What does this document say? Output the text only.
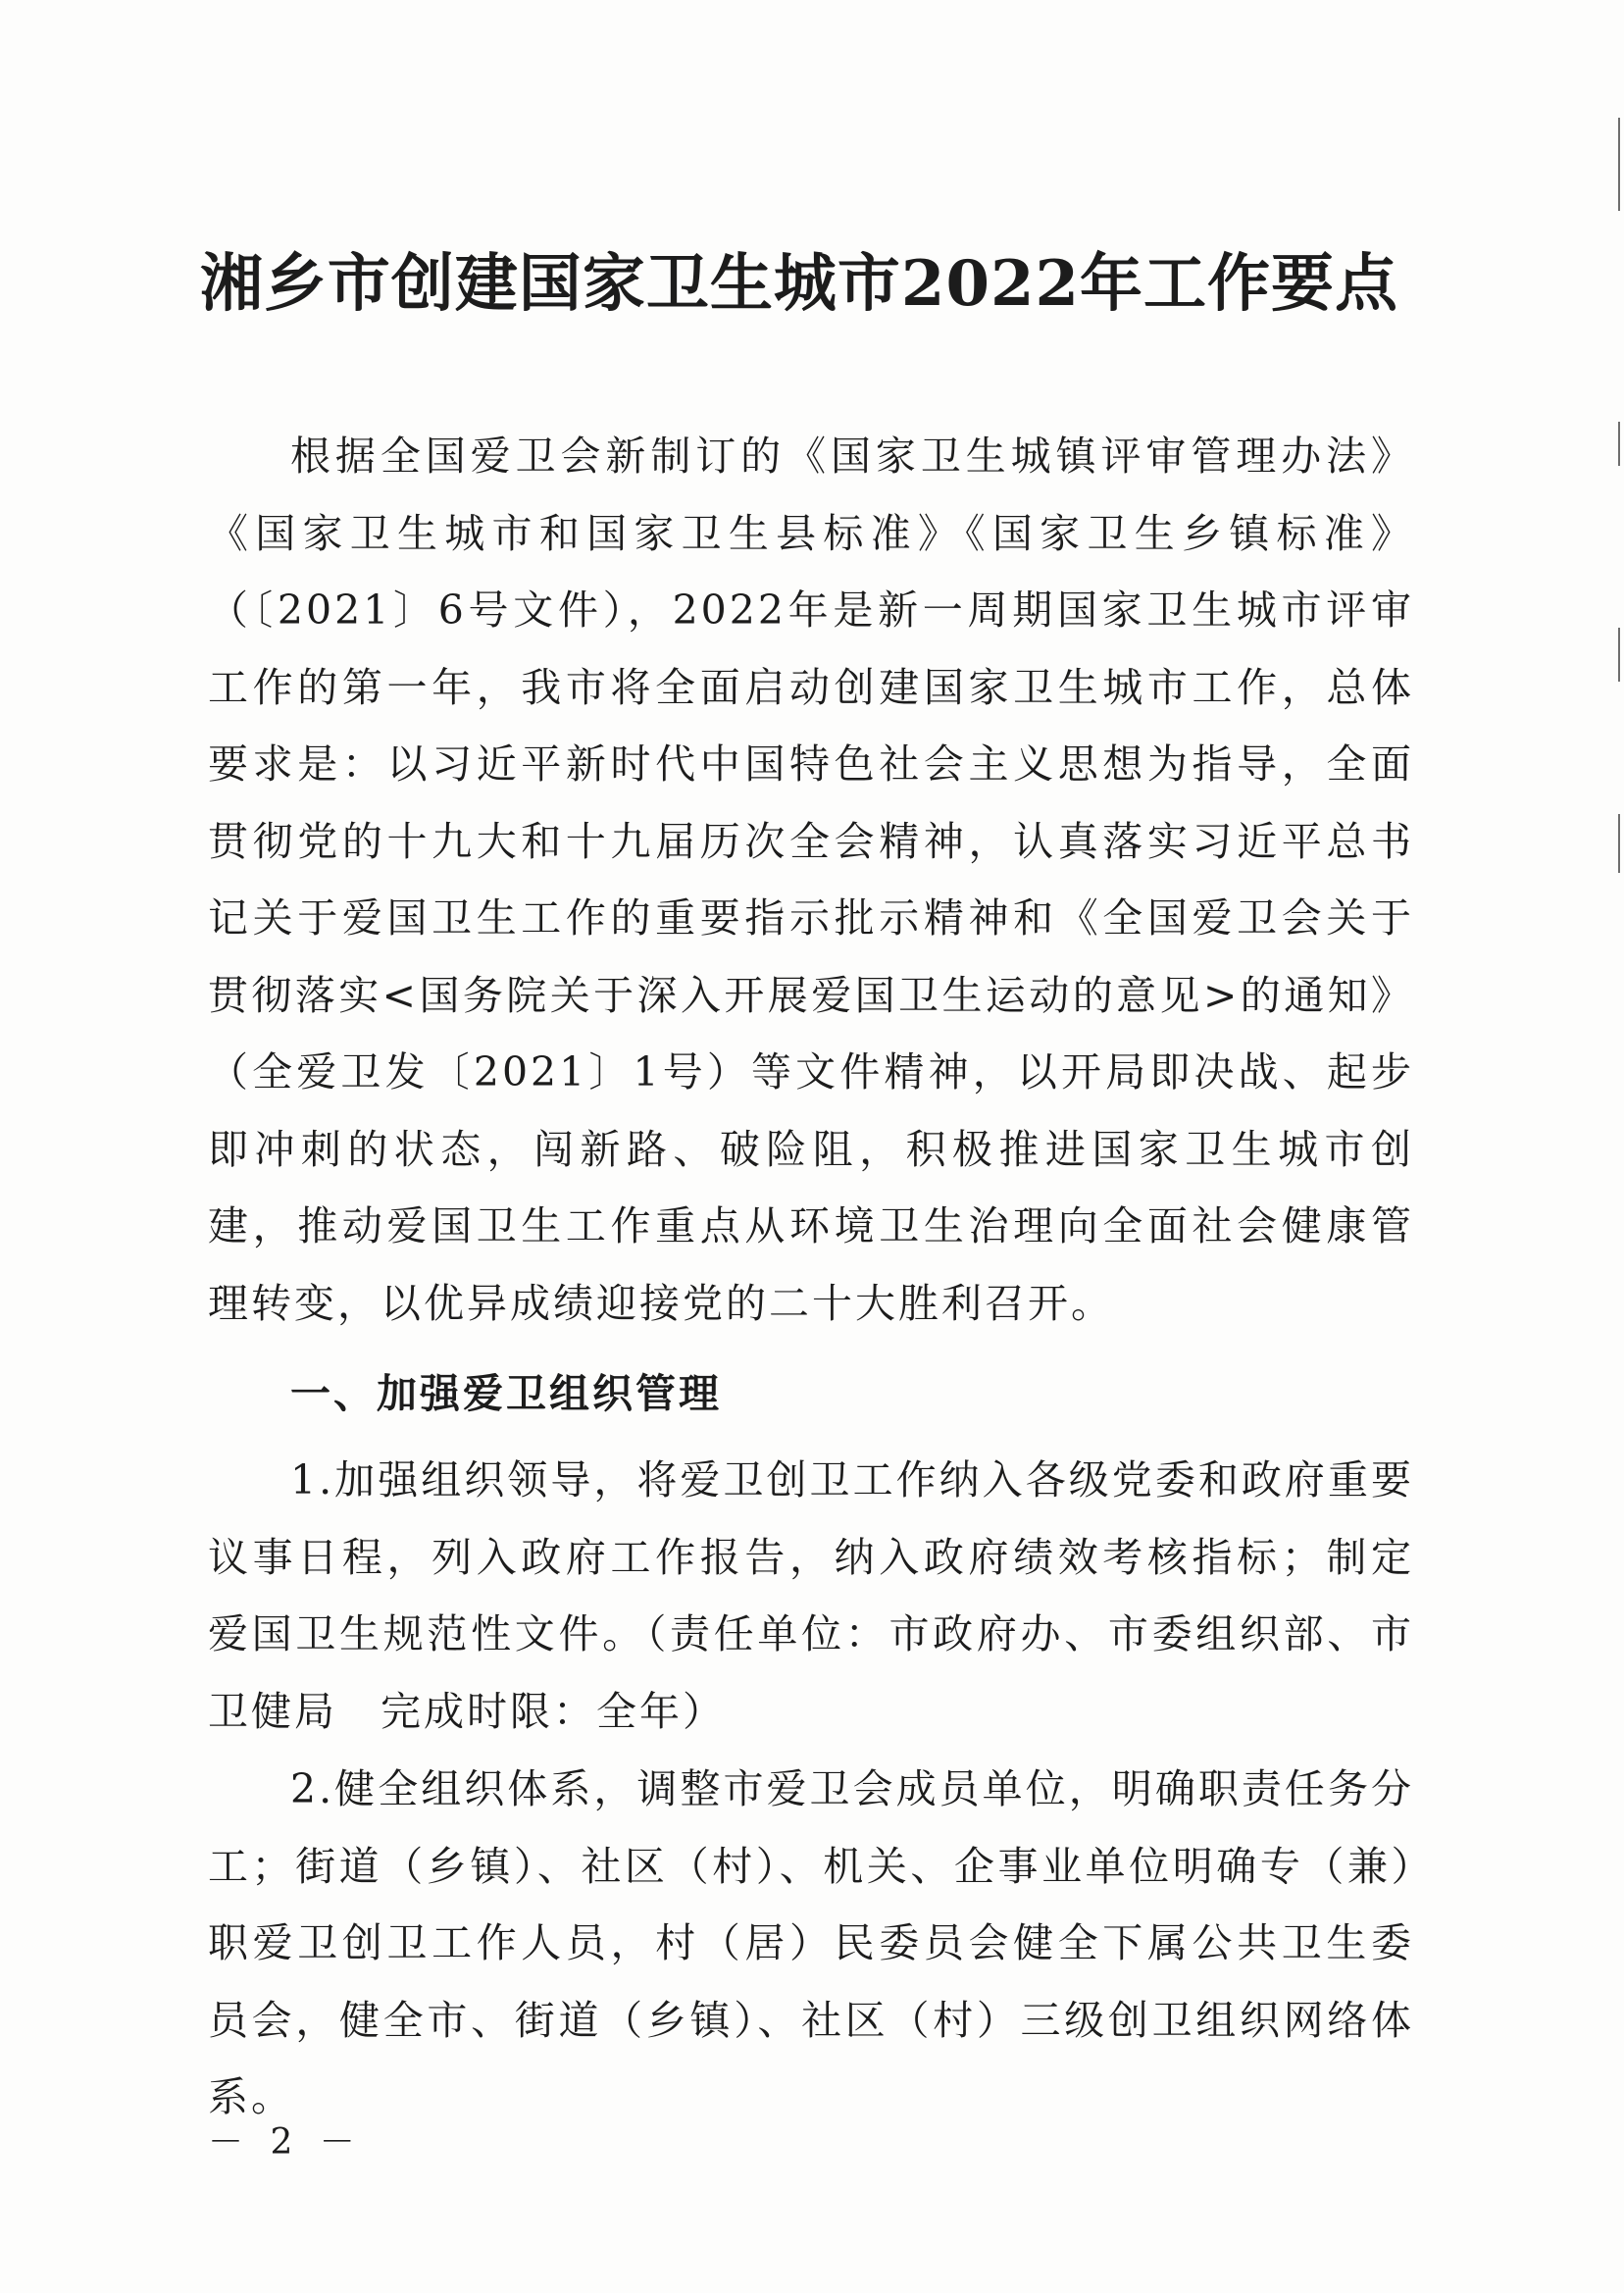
湘乡市创建国家卫生城市2022年工作要点
根据全国爱卫会新制订的《国家卫生城镇评审管理办法》《国家卫生城市和国家卫生县标准》《国家卫生乡镇标准》（〔2021〕6号文件），2022年是新一周期国家卫生城市评审工作的第一年，我市将全面启动创建国家卫生城市工作，总体要求是：以习近平新时代中国特色社会主义思想为指导，全面贯彻党的十九大和十九届历次全会精神，认真落实习近平总书记关于爱国卫生工作的重要指示批示精神和《全国爱卫会关于贯彻落实<国务院关于深入开展爱国卫生运动的意见>的通知》（全爱卫发〔2021〕1号）等文件精神，以开局即决战、起步即冲刺的状态，闯新路、破险阻，积极推进国家卫生城市创建，推动爱国卫生工作重点从环境卫生治理向全面社会健康管理转变，以优异成绩迎接党的二十大胜利召开。
一、加强爱卫组织管理
1.加强组织领导，将爱卫创卫工作纳入各级党委和政府重要议事日程，列入政府工作报告，纳入政府绩效考核指标；制定爱国卫生规范性文件。（责任单位：市政府办、市委组织部、市卫健局　完成时限：全年）
2.健全组织体系，调整市爱卫会成员单位，明确职责任务分工；街道（乡镇）、社区（村）、机关、企事业单位明确专（兼）职爱卫创卫工作人员，村（居）民委员会健全下属公共卫生委员会，健全市、街道（乡镇）、社区（村）三级创卫组织网络体系。
－ 2 －
